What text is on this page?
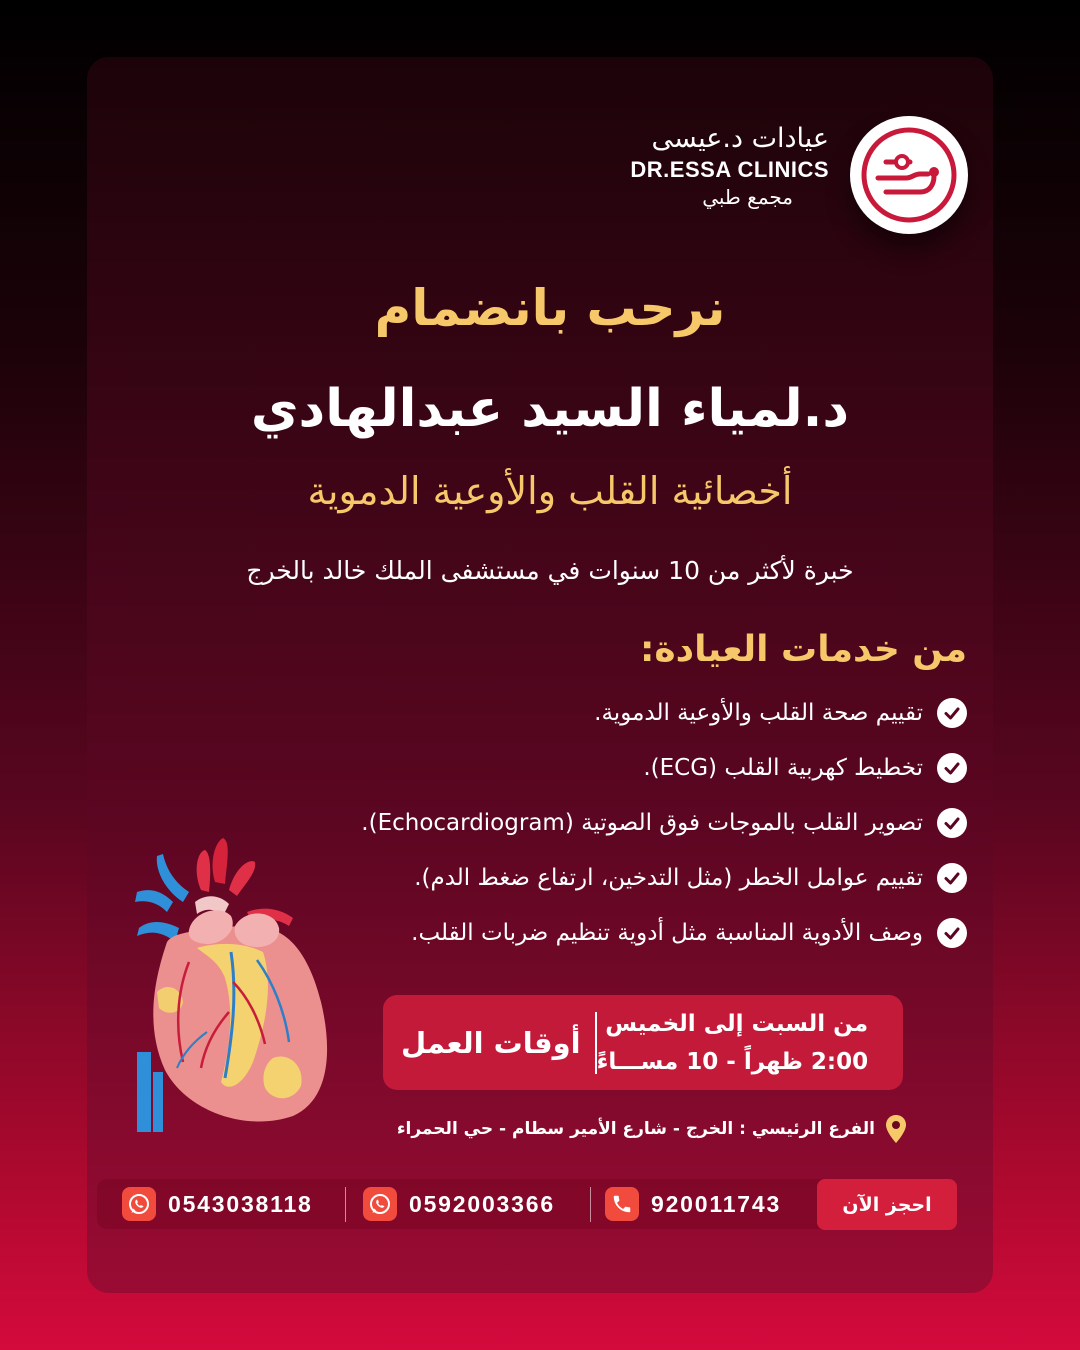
عيادات د.عيسى
DR.ESSA CLINICS
مجمع طبي
نرحب بانضمام
د.لمياء السيد عبدالهادي
أخصائية القلب والأوعية الدموية
خبرة لأكثر من 10 سنوات في مستشفى الملك خالد بالخرج
من خدمات العيادة:
تقييم صحة القلب والأوعية الدموية.
تخطيط كهربية القلب (ECG).
تصوير القلب بالموجات فوق الصوتية (Echocardiogram).
تقييم عوامل الخطر (مثل التدخين، ارتفاع ضغط الدم).
وصف الأدوية المناسبة مثل أدوية تنظيم ضربات القلب.
أوقات العمل
من السبت إلى الخميس
2:00 ظهراً - 10 مســـاءً
الفرع الرئيسي : الخرج - شارع الأمير سطام - حي الحمراء
احجز الآن
920011743
0592003366
0543038118
